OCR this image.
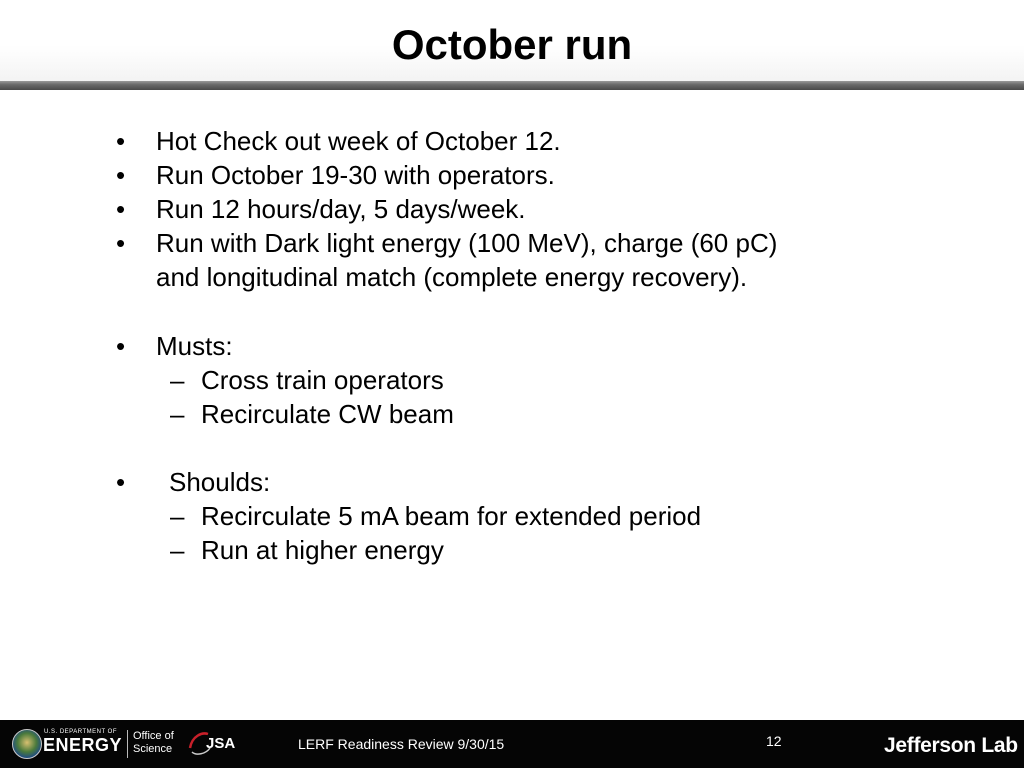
October run
• Hot Check out week of October 12.
• Run October 19-30 with operators.
• Run 12 hours/day, 5 days/week.
• Run with Dark light energy (100 MeV), charge (60 pC)
and longitudinal match (complete energy recovery).
• Musts:
– Cross train operators
– Recirculate CW beam
• Shoulds:
– Recirculate 5 mA beam for extended period
– Run at higher energy
U.S. DEPARTMENT OF
ENERGY Office of
Science JSA	LERF Readiness Review 9/30/15	12	Jefferson Lab
